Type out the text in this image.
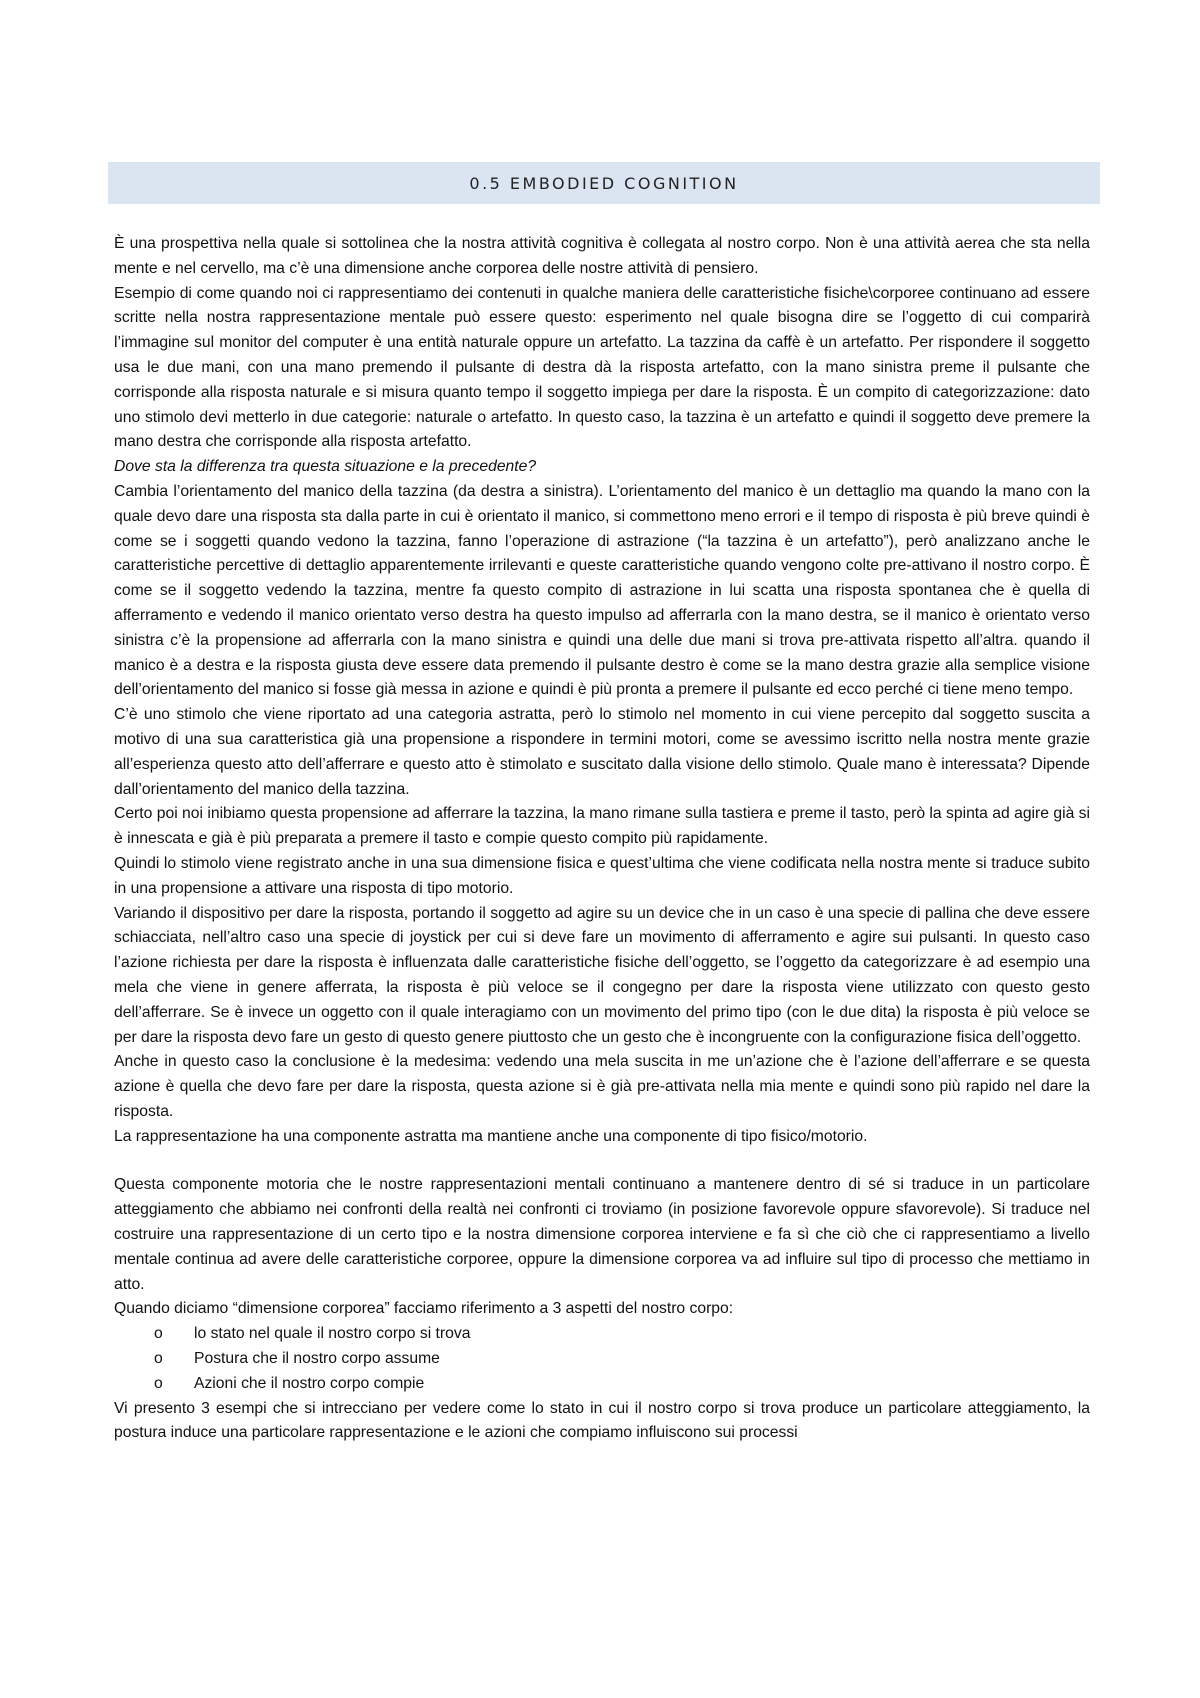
0.5 EMBODIED COGNITION

È una prospettiva nella quale si sottolinea che la nostra attività cognitiva è collegata al nostro corpo. Non è una attività aerea che sta nella mente e nel cervello, ma c’è una dimensione anche corporea delle nostre attività di pensiero.

Esempio di come quando noi ci rappresentiamo dei contenuti in qualche maniera delle caratteristiche fisiche\corporee continuano ad essere scritte nella nostra rappresentazione mentale può essere questo: esperimento nel quale bisogna dire se l’oggetto di cui comparirà l’immagine sul monitor del computer è una entità naturale oppure un artefatto. La tazzina da caffè è un artefatto. Per rispondere il soggetto usa le due mani, con una mano premendo il pulsante di destra dà la risposta artefatto, con la mano sinistra preme il pulsante che corrisponde alla risposta naturale e si misura quanto tempo il soggetto impiega per dare la risposta. È un compito di categorizzazione: dato uno stimolo devi metterlo in due categorie: naturale o artefatto. In questo caso, la tazzina è un artefatto e quindi il soggetto deve premere la mano destra che corrisponde alla risposta artefatto.

Dove sta la differenza tra questa situazione e la precedente?

Cambia l’orientamento del manico della tazzina (da destra a sinistra). L’orientamento del manico è un dettaglio ma quando la mano con la quale devo dare una risposta sta dalla parte in cui è orientato il manico, si commettono meno errori e il tempo di risposta è più breve quindi è come se i soggetti quando vedono la tazzina, fanno l’operazione di astrazione (“la tazzina è un artefatto”), però analizzano anche le caratteristiche percettive di dettaglio apparentemente irrilevanti e queste caratteristiche quando vengono colte pre-attivano il nostro corpo. È come se il soggetto vedendo la tazzina, mentre fa questo compito di astrazione in lui scatta una risposta spontanea che è quella di afferramento e vedendo il manico orientato verso destra ha questo impulso ad afferrarla con la mano destra, se il manico è orientato verso sinistra c’è la propensione ad afferrarla con la mano sinistra e quindi una delle due mani si trova pre-attivata rispetto all’altra. quando il manico è a destra e la risposta giusta deve essere data premendo il pulsante destro è come se la mano destra grazie alla semplice visione dell’orientamento del manico si fosse già messa in azione e quindi è più pronta a premere il pulsante ed ecco perché ci tiene meno tempo.

C’è uno stimolo che viene riportato ad una categoria astratta, però lo stimolo nel momento in cui viene percepito dal soggetto suscita a motivo di una sua caratteristica già una propensione a rispondere in termini motori, come se avessimo iscritto nella nostra mente grazie all’esperienza questo atto dell’afferrare e questo atto è stimolato e suscitato dalla visione dello stimolo. Quale mano è interessata? Dipende dall’orientamento del manico della tazzina.

Certo poi noi inibiamo questa propensione ad afferrare la tazzina, la mano rimane sulla tastiera e preme il tasto, però la spinta ad agire già si è innescata e già è più preparata a premere il tasto e compie questo compito più rapidamente.

Quindi lo stimolo viene registrato anche in una sua dimensione fisica e quest’ultima che viene codificata nella nostra mente si traduce subito in una propensione a attivare una risposta di tipo motorio.

Variando il dispositivo per dare la risposta, portando il soggetto ad agire su un device che in un caso è una specie di pallina che deve essere schiacciata, nell’altro caso una specie di joystick per cui si deve fare un movimento di afferramento e agire sui pulsanti. In questo caso l’azione richiesta per dare la risposta è influenzata dalle caratteristiche fisiche dell’oggetto, se l’oggetto da categorizzare è ad esempio una mela che viene in genere afferrata, la risposta è più veloce se il congegno per dare la risposta viene utilizzato con questo gesto dell’afferrare. Se è invece un oggetto con il quale interagiamo con un movimento del primo tipo (con le due dita) la risposta è più veloce se per dare la risposta devo fare un gesto di questo genere piuttosto che un gesto che è incongruente con la configurazione fisica dell’oggetto.

Anche in questo caso la conclusione è la medesima: vedendo una mela suscita in me un’azione che è l’azione dell’afferrare e se questa azione è quella che devo fare per dare la risposta, questa azione si è già pre-attivata nella mia mente e quindi sono più rapido nel dare la risposta.

La rappresentazione ha una componente astratta ma mantiene anche una componente di tipo fisico/motorio.

Questa componente motoria che le nostre rappresentazioni mentali continuano a mantenere dentro di sé si traduce in un particolare atteggiamento che abbiamo nei confronti della realtà nei confronti ci troviamo (in posizione favorevole oppure sfavorevole). Si traduce nel costruire una rappresentazione di un certo tipo e la nostra dimensione corporea interviene e fa sì che ciò che ci rappresentiamo a livello mentale continua ad avere delle caratteristiche corporee, oppure la dimensione corporea va ad influire sul tipo di processo che mettiamo in atto.

Quando diciamo “dimensione corporea” facciamo riferimento a 3 aspetti del nostro corpo:

o	lo stato nel quale il nostro corpo si trova
o	Postura che il nostro corpo assume
o	Azioni che il nostro corpo compie

Vi presento 3 esempi che si intrecciano per vedere come lo stato in cui il nostro corpo si trova produce un particolare atteggiamento, la postura induce una particolare rappresentazione e le azioni che compiamo influiscono sui processi
